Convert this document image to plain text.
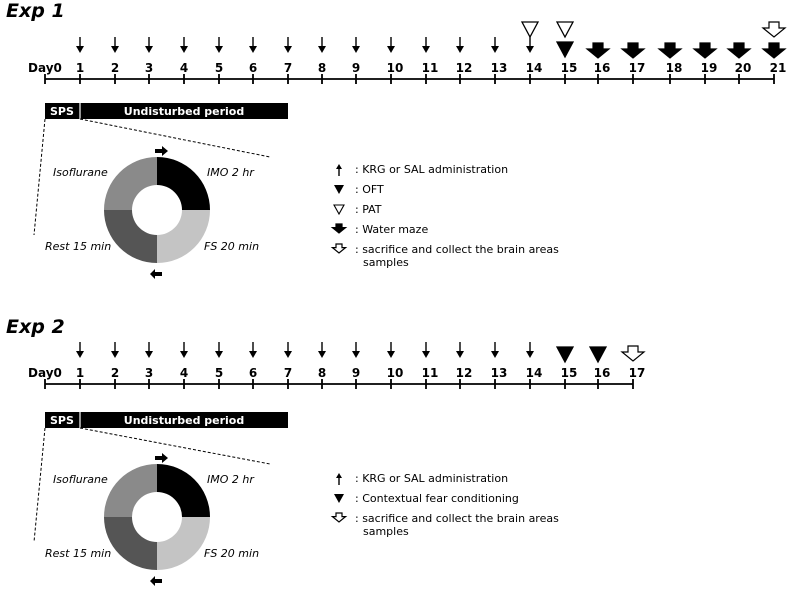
Exp 1
Exp 2
Day0 1 2 3 4 5 6 7 8 9 10 11 12 13 14 15 16 17 18 19 20 21
SPS	Undisturbed period
Isoflurane	IMO 2 hr
Rest 15 min	FS 20 min
: KRG or SAL administration
: OFT
: PAT
: Water maze
: sacrifice and collect the brain areas
samples
Day0 1 2 3 4 5 6 7 8 9 10 11 12 13 14 15 16 17
SPS	Undisturbed period
Isoflurane	IMO 2 hr
Rest 15 min	FS 20 min
: KRG or SAL administration
: Contextual fear conditioning
: sacrifice and collect the brain areas
samples
